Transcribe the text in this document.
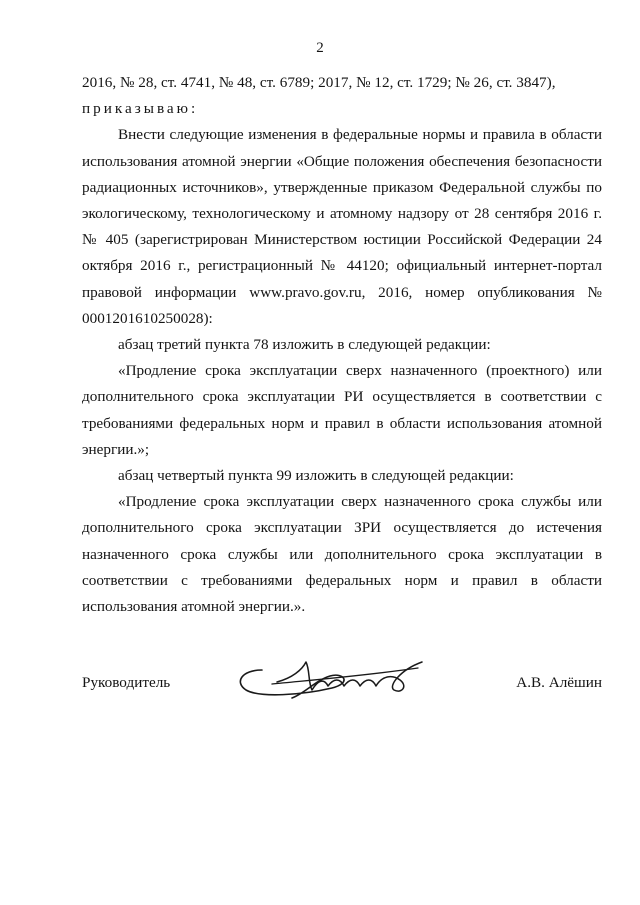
2

2016, № 28, ст. 4741, № 48, ст. 6789; 2017, № 12, ст. 1729; № 26, ст. 3847),

приказываю:

Внести следующие изменения в федеральные нормы и правила в области использования атомной энергии «Общие положения обеспечения безопасности радиационных источников», утвержденные приказом Федеральной службы по экологическому, технологическому и атомному надзору от 28 сентября 2016 г. № 405 (зарегистрирован Министерством юстиции Российской Федерации 24 октября 2016 г., регистрационный № 44120; официальный интернет-портал правовой информации www.pravo.gov.ru, 2016, номер опубликования № 0001201610250028):

абзац третий пункта 78 изложить в следующей редакции:

«Продление срока эксплуатации сверх назначенного (проектного) или дополнительного срока эксплуатации РИ осуществляется в соответствии с требованиями федеральных норм и правил в области использования атомной энергии.»;

абзац четвертый пункта 99 изложить в следующей редакции:

«Продление срока эксплуатации сверх назначенного срока службы или дополнительного срока эксплуатации ЗРИ осуществляется до истечения назначенного срока службы или дополнительного срока эксплуатации в соответствии с требованиями федеральных норм и правил в области использования атомной энергии.».

Руководитель	А.В. Алёшин
